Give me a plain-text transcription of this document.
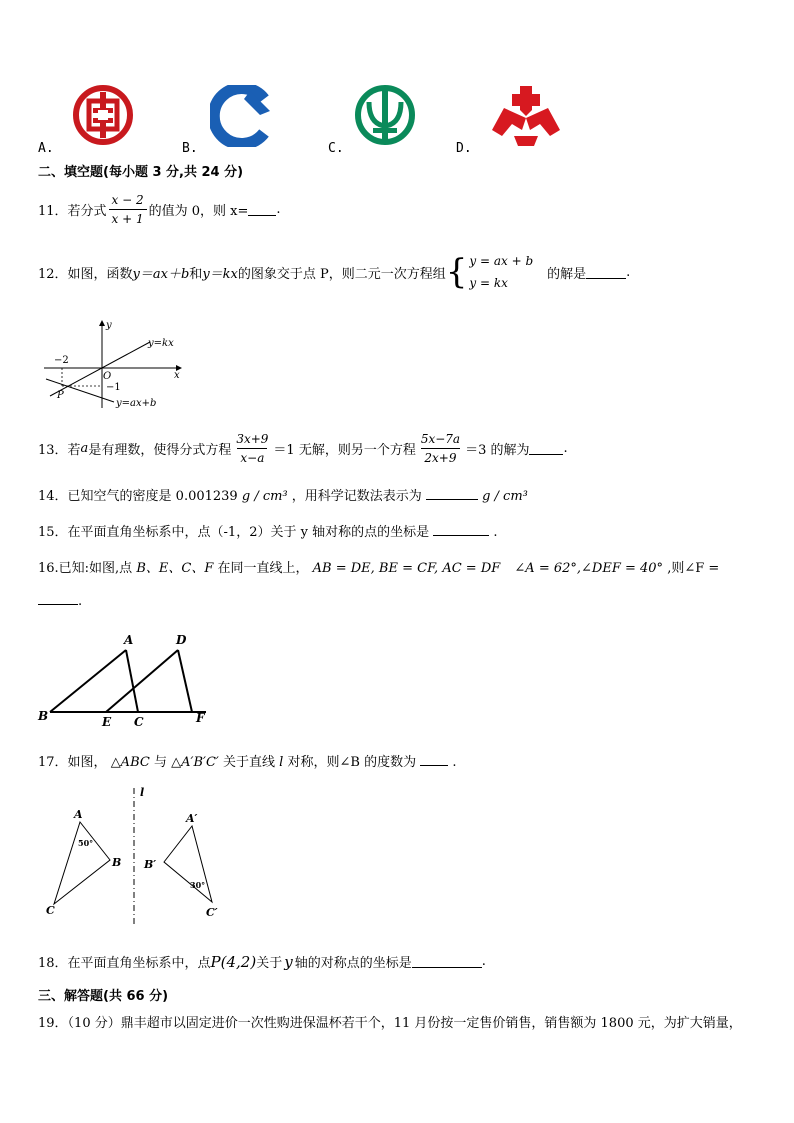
A.	B.	C.	D.
二、填空题(每小题 3 分,共 24 分)
11．若分式 $\frac{x - 2}{x + 1}$ 的值为 0，则 x= .
12．如图，函数 y＝ax＋b 和 y＝kx 的图象交于点 P，则二元一次方程组 { y = ax + b
y = kx
的解是	.
y
x
O
y=kx
y=ax+b
−2
−1
P
13．若 a 是有理数，使得分式方程 $\frac{3x+9}{x-a} =1$ 无解，则另一个方程 $\frac{5x-7a}{2x+9} =3$ 的解为	.
14．已知空气的密度是 0.001239 g / cm³ ，用科学记数法表示为	g / cm³
15．在平面直角坐标系中，点（-1，2）关于 y 轴对称的点的坐标是	.
16.已知:如图,点 B、E、C、F 在同一直线上， AB = DE, BE = CF, AC = DF ∠A = 62°,∠DEF = 40° ,则∠F =
.
A	D
B	E C	F
17．如图， △ABC 与 △A′B′C′ 关于直线 l 对称，则∠B 的度数为	.
l
A
B
C
A′
B′
C′
50°
30°
18．在平面直角坐标系中，点 P(4,2) 关于 y 轴的对称点的坐标是	.
三、解答题(共 66 分)
19．（10 分）鼎丰超市以固定进价一次性购进保温杯若干个，11 月份按一定售价销售，销售额为 1800 元，为扩大销量，
